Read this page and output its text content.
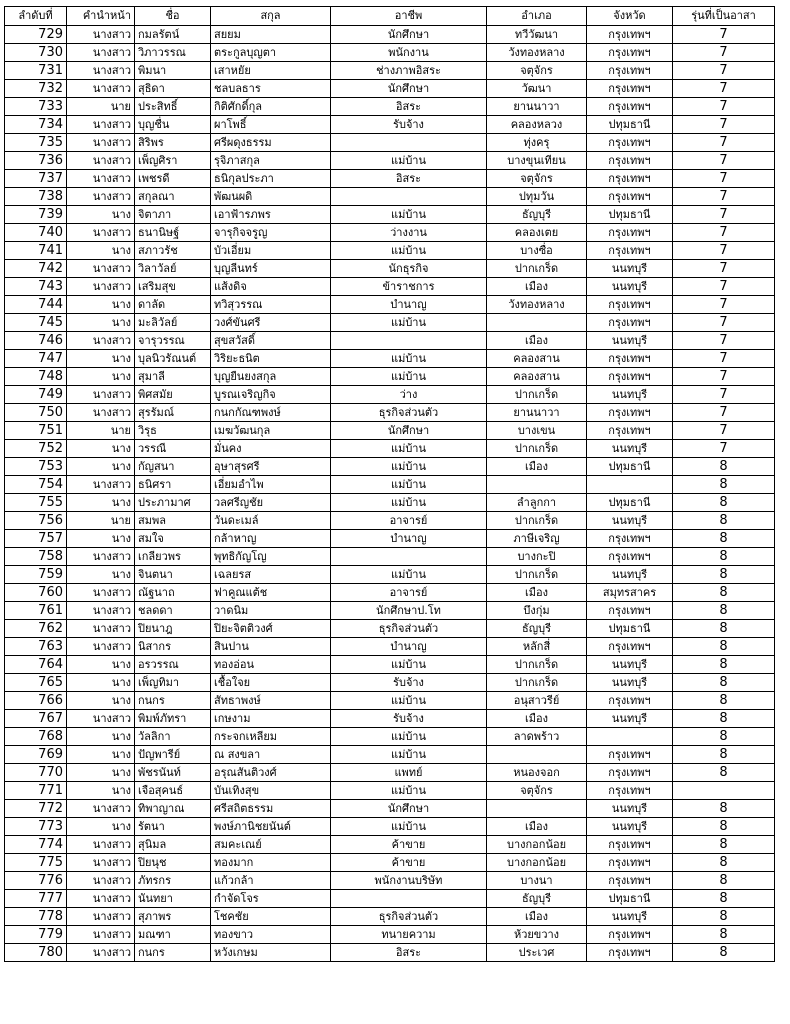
ลำดับที่	คำนำหน้า	ชื่อ	สกุล	อาชีพ	อำเภอ	จังหวัด	รุ่นที่เป็นอาสา
729	นางสาว	กมลรัตน์	สยยม	นักศึกษา	ทวีวัฒนา	กรุงเทพฯ	7
730	นางสาว	วิภาวรรณ	ตระกูลบุญตา	พนักงาน	วังทองหลาง	กรุงเทพฯ	7
731	นางสาว	พิมนา	เสาหยัย	ช่างภาพอิสระ	จตุจักร	กรุงเทพฯ	7
732	นางสาว	สุธิดา	ชลบลธาร	นักศึกษา	วัฒนา	กรุงเทพฯ	7
733	นาย	ประสิทธิ์	กิติศักดิ์กุล	อิสระ	ยานนาวา	กรุงเทพฯ	7
734	นางสาว	บุญชื่น	ผาโพธิ์	รับจ้าง	คลองหลวง	ปทุมธานี	7
735	นางสาว	สิริพร	ศรีผดุงธรรม		ทุ่งครุ	กรุงเทพฯ	7
736	นางสาว	เพ็ญศิรา	รุจิภาสกุล	แม่บ้าน	บางขุนเทียน	กรุงเทพฯ	7
737	นางสาว	เพชรดี	ธนิกุลประภา	อิสระ	จตุจักร	กรุงเทพฯ	7
738	นางสาว	สกุลณา	พัฒนผดิ		ปทุมวัน	กรุงเทพฯ	7
739	นาง	จิตาภา	เอาฟ้ารภพร	แม่บ้าน	ธัญบุรี	ปทุมธานี	7
740	นางสาว	ธนานิษฐ์	จารุกิจจรูญ	ว่างงาน	คลองเตย	กรุงเทพฯ	7
741	นาง	สภาวรัช	บัวเอี่ยม	แม่บ้าน	บางซื่อ	กรุงเทพฯ	7
742	นางสาว	วิลาวัลย์	บุญลีนทร์	นักธุรกิจ	ปากเกร็ด	นนทบุรี	7
743	นางสาว	เสริมสุข	แส้งดิจ	ข้าราชการ	เมือง	นนทบุรี	7
744	นาง	ดาลัด	ทวิสุวรรณ	บำนาญ	วังทองหลาง	กรุงเทพฯ	7
745	นาง	มะลิวัลย์	วงศ์ขันศรี	แม่บ้าน		กรุงเทพฯ	7
746	นางสาว	จารุวรรณ	สุขสวัสดิ์		เมือง	นนทบุรี	7
747	นาง	บุลนิวรัณนต์	วิริยะธนิต	แม่บ้าน	คลองสาน	กรุงเทพฯ	7
748	นาง	สุมาลี	บุญยืนยงสกุล	แม่บ้าน	คลองสาน	กรุงเทพฯ	7
749	นางสาว	พิศสมัย	บูรณเจริญกิจ	ว่าง	ปากเกร็ด	นนทบุรี	7
750	นางสาว	สุรรัมณ์	กนกกัณฑพงษ์	ธุรกิจส่วนตัว	ยานนาวา	กรุงเทพฯ	7
751	นาย	วิรุธ	เมฆวัฒนกุล	นักศึกษา	บางเขน	กรุงเทพฯ	7
752	นาง	วรรณี	มั่นคง	แม่บ้าน	ปากเกร็ด	นนทบุรี	7
753	นาง	กัญสนา	อุษาสุรศรี	แม่บ้าน	เมือง	ปทุมธานี	8
754	นางสาว	ธนิศรา	เอี่ยมอำไพ	แม่บ้าน			8
755	นาง	ประภามาศ	วลศรีญชัย	แม่บ้าน	ลำลูกกา	ปทุมธานี	8
756	นาย	สมพล	วันดะเมล์	อาจารย์	ปากเกร็ด	นนทบุรี	8
757	นาง	สมใจ	กล้าหาญ	บำนาญ	ภาษีเจริญ	กรุงเทพฯ	8
758	นางสาว	เกลียวพร	พุทธิกัญโญ		บางกะปิ	กรุงเทพฯ	8
759	นาง	จินตนา	เฉลยรส	แม่บ้าน	ปากเกร็ด	นนทบุรี	8
760	นางสาว	ณัฐนาถ	ฟาคูณแต้ช	อาจารย์	เมือง	สมุทรสาคร	8
761	นางสาว	ชลดดา	วาดนิม	นักศึกษาป.โท	บึงกุ่ม	กรุงเทพฯ	8
762	นางสาว	ปิยนาฎ	ปิยะจิตติวงศ์	ธุรกิจส่วนตัว	ธัญบุรี	ปทุมธานี	8
763	นางสาว	นิสากร	สินปาน	บำนาญ	หลักสี่	กรุงเทพฯ	8
764	นาง	อรวรรณ	ทองอ่อน	แม่บ้าน	ปากเกร็ด	นนทบุรี	8
765	นาง	เพ็ญทิมา	เชื้อใจย	รับจ้าง	ปากเกร็ด	นนทบุรี	8
766	นาง	กนกร	สัทธาพงษ์	แม่บ้าน	อนุสาวรีย์	กรุงเทพฯ	8
767	นางสาว	พิมพ์ภัทรา	เกษงาม	รับจ้าง	เมือง	นนทบุรี	8
768	นาง	วัลลิกา	กระจกเหลียม	แม่บ้าน	ลาดพร้าว		8
769	นาง	ปัญพารีย์	ณ สงขลา	แม่บ้าน		กรุงเทพฯ	8
770	นาง	พัชรนันท์	อรุณสันติวงศ์	แพทย์	หนองจอก	กรุงเทพฯ	8
771	นาง	เจือสุคนธ์	บันเทิงสุข	แม่บ้าน	จตุจักร	กรุงเทพฯ	
772	นางสาว	ทิพาญาณ	ศรีสถิตธรรม	นักศึกษา		นนทบุรี	8
773	นาง	รัตนา	พงษ์ภานิชยนันต์	แม่บ้าน	เมือง	นนทบุรี	8
774	นางสาว	สุนิมล	สมคะเณย์	ค้าขาย	บางกอกน้อย	กรุงเทพฯ	8
775	นางสาว	ปิยนุช	ทองมาก	ค้าขาย	บางกอกน้อย	กรุงเทพฯ	8
776	นางสาว	ภัทรกร	แก้วกล้า	พนักงานบริษัท	บางนา	กรุงเทพฯ	8
777	นางสาว	นันทยา	กำจัดโจร		ธัญบุรี	ปทุมธานี	8
778	นางสาว	สุภาพร	โชคชัย	ธุรกิจส่วนตัว	เมือง	นนทบุรี	8
779	นางสาว	มณฑา	ทองขาว	ทนายความ	ห้วยขวาง	กรุงเทพฯ	8
780	นางสาว	กนกร	หวังเกษม	อิสระ	ประเวศ	กรุงเทพฯ	8
